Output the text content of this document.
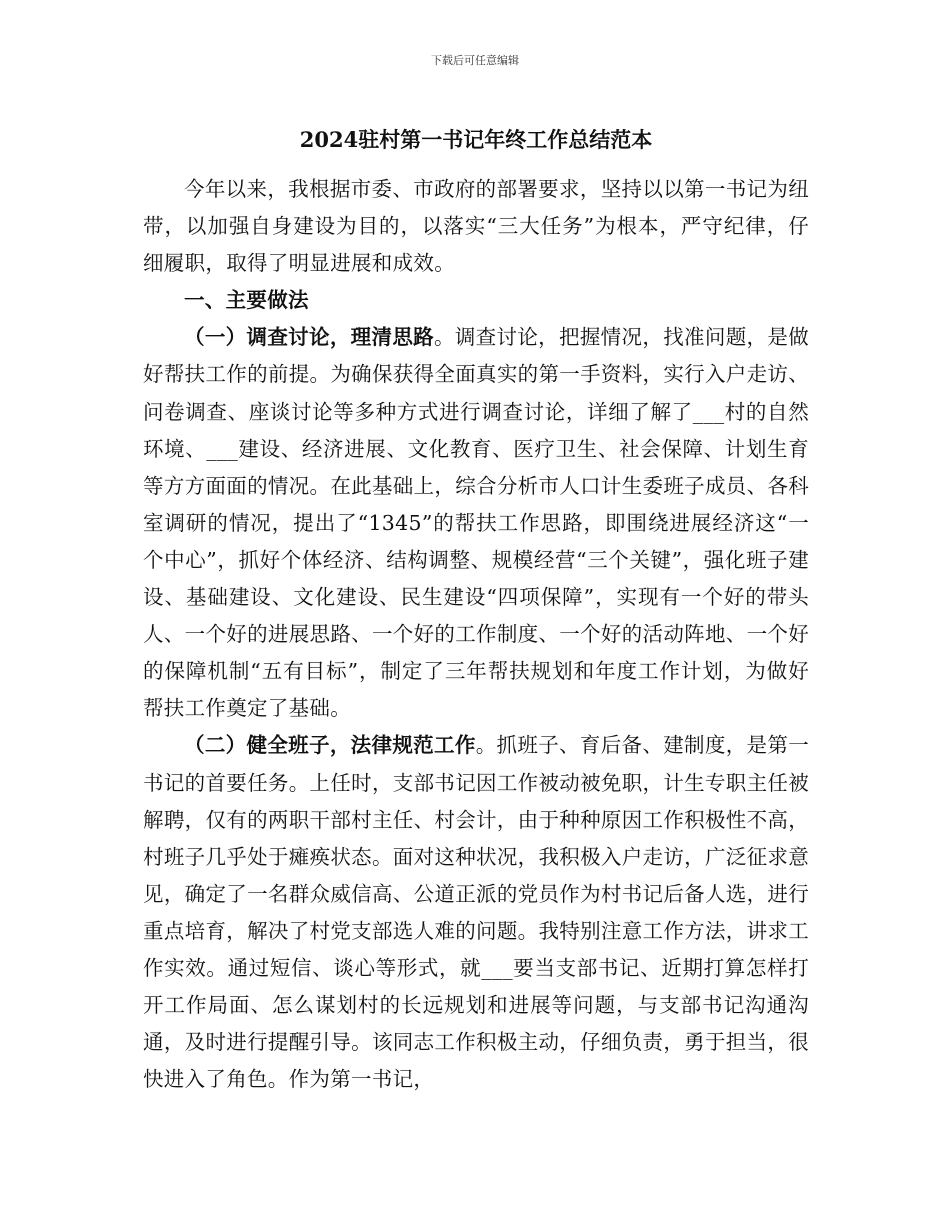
下载后可任意编辑
2024驻村第一书记年终工作总结范本

今年以来，我根据市委、市政府的部署要求，坚持以以第一书记为纽带，以加强自身建设为目的，以落实“三大任务”为根本，严守纪律，仔细履职，取得了明显进展和成效。

一、主要做法

（一）调查讨论，理清思路。调查讨论，把握情况，找准问题，是做好帮扶工作的前提。为确保获得全面真实的第一手资料，实行入户走访、问卷调查、座谈讨论等多种方式进行调查讨论，详细了解了___村的自然环境、___建设、经济进展、文化教育、医疗卫生、社会保障、计划生育等方方面面的情况。在此基础上，综合分析市人口计生委班子成员、各科室调研的情况，提出了“1345”的帮扶工作思路，即围绕进展经济这“一个中心”，抓好个体经济、结构调整、规模经营“三个关键”，强化班子建设、基础建设、文化建设、民生建设“四项保障”，实现有一个好的带头人、一个好的进展思路、一个好的工作制度、一个好的活动阵地、一个好的保障机制“五有目标”，制定了三年帮扶规划和年度工作计划，为做好帮扶工作奠定了基础。

（二）健全班子，法律规范工作。抓班子、育后备、建制度，是第一书记的首要任务。上任时，支部书记因工作被动被免职，计生专职主任被解聘，仅有的两职干部村主任、村会计，由于种种原因工作积极性不高，村班子几乎处于瘫痪状态。面对这种状况，我积极入户走访，广泛征求意见，确定了一名群众威信高、公道正派的党员作为村书记后备人选，进行重点培育，解决了村党支部选人难的问题。我特别注意工作方法，讲求工作实效。通过短信、谈心等形式，就___要当支部书记、近期打算怎样打开工作局面、怎么谋划村的长远规划和进展等问题，与支部书记沟通沟通，及时进行提醒引导。该同志工作积极主动，仔细负责，勇于担当，很快进入了角色。作为第一书记，
